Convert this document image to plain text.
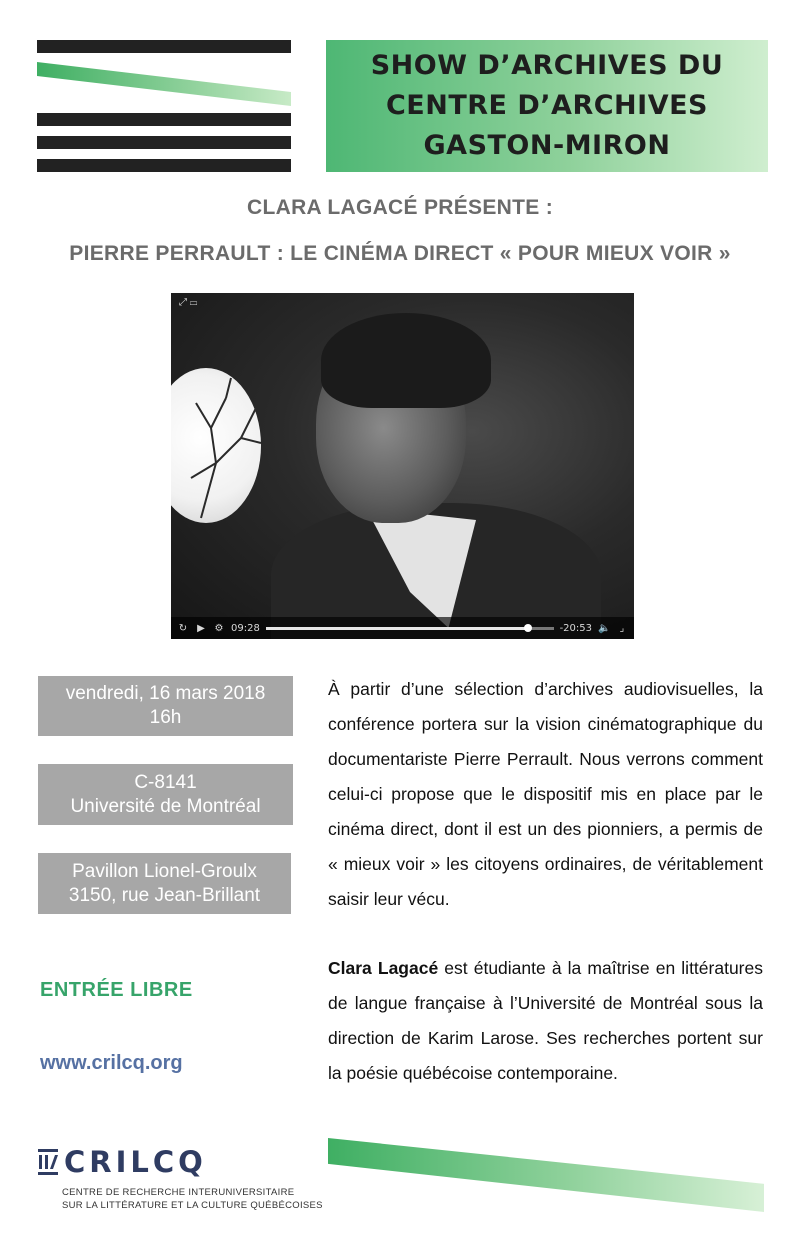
SHOW D’ARCHIVES DU
CENTRE D’ARCHIVES
GASTON-MIRON
CLARA LAGACÉ PRÉSENTE :
PIERRE PERRAULT : LE CINÉMA DIRECT « POUR MIEUX VOIR »
⤢ ▭
↻ ▶ ⚙ 09:28	-20:53 🔈 ⌟
vendredi, 16 mars 2018
16h
C-8141
Université de Montréal
Pavillon Lionel-Groulx
3150, rue Jean-Brillant
ENTRÉE LIBRE
www.crilcq.org
À partir d’une sélection d’archives audiovisuelles, la conférence portera sur la vision cinématographique du documentariste Pierre Perrault. Nous verrons comment celui-ci propose que le dispositif mis en place par le cinéma direct, dont il est un des pionniers, a permis de « mieux voir » les citoyens ordinaires, de véritablement saisir leur vécu.
Clara Lagacé est étudiante à la maîtrise en littératures de langue française à l’Université de Montréal sous la direction de Karim Larose. Ses recherches portent sur la poésie québécoise contemporaine.
CRILCQ
CENTRE DE RECHERCHE INTERUNIVERSITAIRE
SUR LA LITTÉRATURE ET LA CULTURE QUÉBÉCOISES
